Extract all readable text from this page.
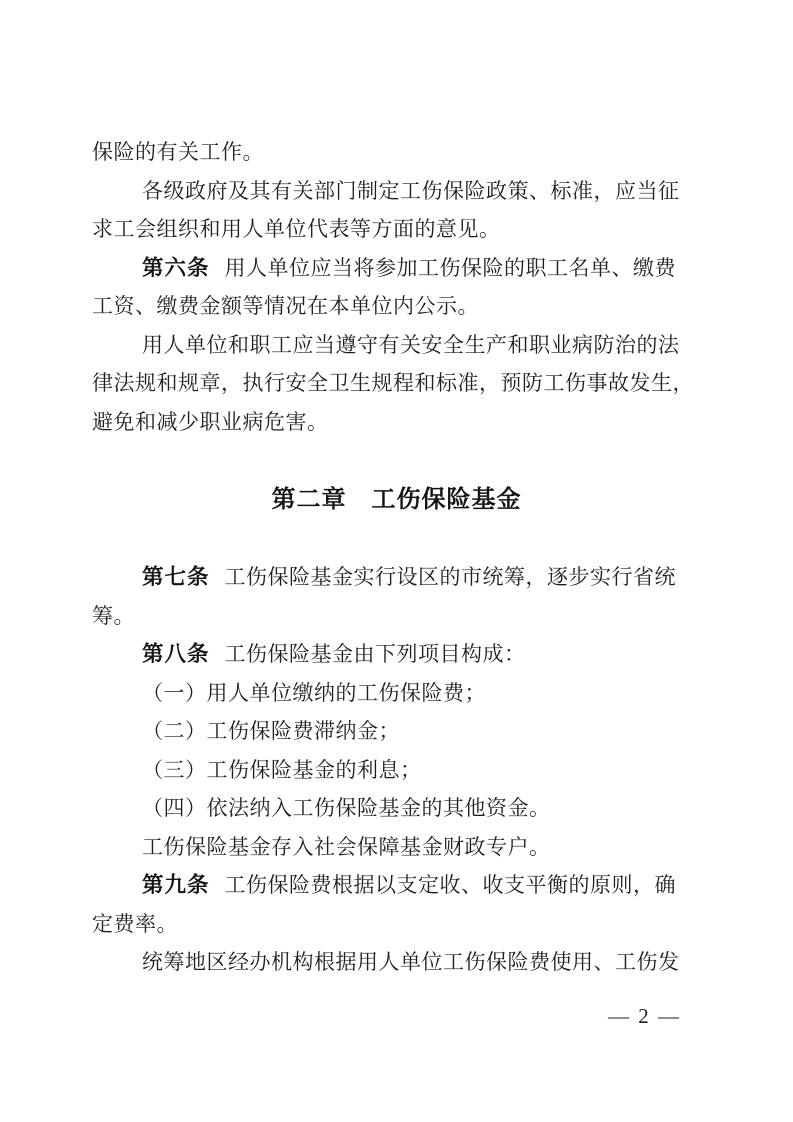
保险的有关工作。
各级政府及其有关部门制定工伤保险政策、标准，应当征
求工会组织和用人单位代表等方面的意见。
第六条 用人单位应当将参加工伤保险的职工名单、缴费
工资、缴费金额等情况在本单位内公示。
用人单位和职工应当遵守有关安全生产和职业病防治的法
律法规和规章，执行安全卫生规程和标准，预防工伤事故发生，
避免和减少职业病危害。
第二章　工伤保险基金
第七条 工伤保险基金实行设区的市统筹，逐步实行省统
筹。
第八条 工伤保险基金由下列项目构成：
（一）用人单位缴纳的工伤保险费；
（二）工伤保险费滞纳金；
（三）工伤保险基金的利息；
（四）依法纳入工伤保险基金的其他资金。
工伤保险基金存入社会保障基金财政专户。
第九条 工伤保险费根据以支定收、收支平衡的原则，确
定费率。
统筹地区经办机构根据用人单位工伤保险费使用、工伤发
— 2 —
